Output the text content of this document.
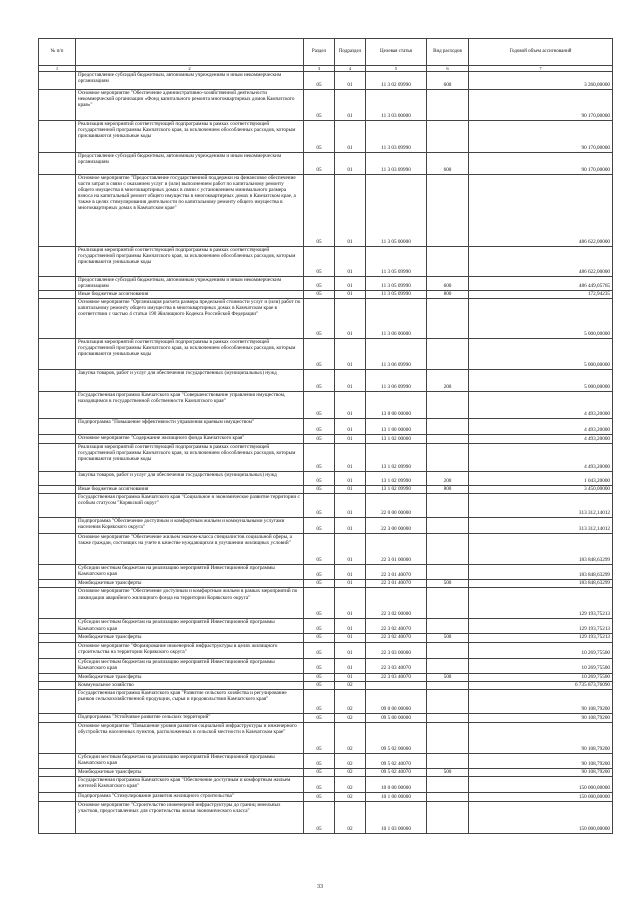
№ п/п		Раздел	Подраздел	Целевая статья	Вид расходов	Годовой объем ассигнований
1	2	3	4	5	6	7
	Предоставление субсидий бюджетным, автономным учреждениям и иным некоммерческим организациям	05	01	11 3 02 09990	600	3 260,00000
	Основное мероприятие "Обеспечение административно-хозяйственной деятельности некоммерческой организации «Фонд капитального ремонта многоквартирных домов Камчатского края»"	05	01	11 3 03 00000		90 170,00000
	Реализация мероприятий соответствующей подпрограммы в рамках соответствующей государственной программы Камчатского края, за исключением обособленных расходов, которым присваиваются уникальные коды	05	01	11 3 03 09990		90 170,00000
	Предоставление субсидий бюджетным, автономным учреждениям и иным некоммерческим организациям	05	01	11 3 03 09990	600	90 170,00000
	Основное мероприятие "Предоставление государственной поддержки на финансовое обеспечение части затрат в связи с оказанием услуг и (или) выполнением работ по капитальному ремонту общего имущества в многоквартирных домах в связи с установлением минимального размера взноса на капитальный ремонт общего имущества в многоквартирных домах в Камчатском крае, а также в целях стимулирования деятельности по капитальному ремонту общего имущества в многоквартирных домах в Камчатском крае"	05	01	11 3 05 00000		486 622,00000
	Реализация мероприятий соответствующей подпрограммы в рамках соответствующей государственной программы Камчатского края, за исключением обособленных расходов, которым присваиваются уникальные коды	05	01	11 3 05 09990		486 622,00000
	Предоставление субсидий бюджетным, автономным учреждениям и иным некоммерческим организациям	05	01	11 3 05 09990	600	486 449,05765
	Иные бюджетные ассигнования	05	01	11 3 05 09990	800	172,94235
	Основное мероприятие "Организация расчета размера предельной стоимости услуг и (или) работ по капитальному ремонту общего имущества в многоквартирных домах в Камчатском крае в соответствии с частью 4 статьи 190 Жилищного Кодекса Российской Федерации"	05	01	11 3 06 00000		5 000,00000
	Реализация мероприятий соответствующей подпрограммы в рамках соответствующей государственной программы Камчатского края, за исключением обособленных расходов, которым присваиваются уникальные коды	05	01	11 3 06 09990		5 000,00000
	Закупка товаров, работ и услуг для обеспечения государственных (муниципальных) нужд	05	01	11 3 06 09990	200	5 000,00000
	Государственная программа Камчатского края "Совершенствование управления имуществом, находящимся в государственной собственности Камчатского края"	05	01	13 0 00 00000		4 493,20000
	Подпрограмма "Повышение эффективности управления краевым имуществом"	05	01	13 1 00 00000		4 493,20000
	Основное мероприятие "Содержание жилищного фонда Камчатского края"	05	01	13 1 02 00000		4 493,20000
	Реализация мероприятий соответствующей подпрограммы в рамках соответствующей государственной программы Камчатского края, за исключением обособленных расходов, которым присваиваются уникальные коды	05	01	13 1 02 09990		4 493,20000
	Закупка товаров, работ и услуг для обеспечения государственных (муниципальных) нужд	05	01	13 1 02 09990	200	1 043,20000
	Иные бюджетные ассигнования	05	01	13 1 02 09990	800	3 450,00000
	Государственная программа Камчатского края "Социальное и экономическое развитие территории с особым статусом "Корякский округ"	05	01	22 0 00 00000		313 312,14012
	Подпрограмма "Обеспечение доступным и комфортным жильем и коммунальными услугами населения Корякского округа"	05	01	22 3 00 00000		313 312,14012
	Основное мероприятие "Обеспечение жильем эконом-класса специалистов социальной сферы, а также граждан, состоящих на учете в качестве нуждающихся в улучшении жилищных условий"	05	01	22 3 01 00000		183 848,63299
	Субсидии местным бюджетам на реализацию мероприятий Инвестиционной программы Камчатского края	05	01	22 3 01 40070		183 848,63299
	Межбюджетные трансферты	05	01	22 3 01 40070	500	183 848,63299
	Основное мероприятие "Обеспечение доступным и комфортным жильем в рамках мероприятий по ликвидации аварийного жилищного фонда на территории Корякского округа"	05	01	22 3 02 00000		129 193,75213
	Субсидии местным бюджетам на реализацию мероприятий Инвестиционной программы Камчатского края	05	01	22 3 02 40070		129 193,75213
	Межбюджетные трансферты	05	01	22 3 02 40070	500	129 193,75213
	Основное мероприятие "Формирование инженерной инфраструктуры в целях жилищного строительства на территории Корякского округа"	05	01	22 3 03 00000		10 269,75500
	Субсидии местным бюджетам на реализацию мероприятий Инвестиционной программы Камчатского края	05	01	22 3 03 40070		10 269,75500
	Межбюджетные трансферты	05	01	22 3 03 40070	500	10 269,75500
	Коммунальное хозяйство	05	02			6 735 873,76090
	Государственная программа Камчатского края "Развитие сельского хозяйства и регулирование рынков сельскохозяйственной продукции, сырья и продовольствия Камчатского края"	05	02	09 0 00 00000		90 108,79200
	Подпрограмма "Устойчивое развитие сельских территорий"	05	02	09 5 00 00000		90 108,79200
	Основное мероприятие "Повышение уровня развития социальной инфраструктуры и инженерного обустройства населенных пунктов, расположенных в сельской местности в Камчатском крае"	05	02	09 5 02 00000		90 108,79200
	Субсидии местным бюджетам на реализацию мероприятий Инвестиционной программы Камчатского края	05	02	09 5 02 40070		90 108,79200
	Межбюджетные трансферты	05	02	09 5 02 40070	500	90 108,79200
	Государственная программа Камчатского края "Обеспечение доступным и комфортным жильем жителей Камчатского края"	05	02	10 0 00 00000		150 000,00000
	Подпрограмма "Стимулирование развития жилищного строительства"	05	02	10 1 00 00000		150 000,00000
	Основное мероприятие "Строительство инженерной инфраструктуры до границ земельных участков, предоставленных для строительства жилья экономического класса"	05	02	10 1 03 00000		150 000,00000
33
